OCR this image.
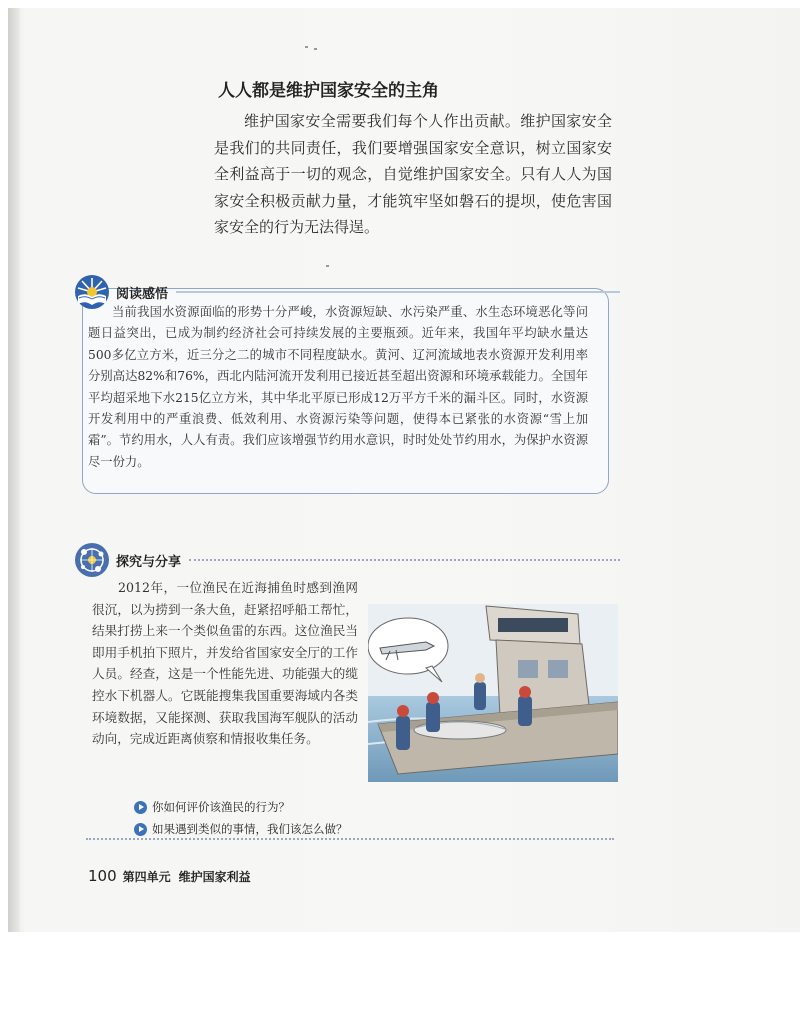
人人都是维护国家安全的主角

维护国家安全需要我们每个人作出贡献。维护国家安全是我们的共同责任，我们要增强国家安全意识，树立国家安全利益高于一切的观念，自觉维护国家安全。只有人人为国家安全积极贡献力量，才能筑牢坚如磐石的提坝，使危害国家安全的行为无法得逞。

阅读感悟

当前我国水资源面临的形势十分严峻，水资源短缺、水污染严重、水生态环境恶化等问题日益突出，已成为制约经济社会可持续发展的主要瓶颈。近年来，我国年平均缺水量达500多亿立方米，近三分之二的城市不同程度缺水。黄河、辽河流域地表水资源开发利用率分别高达82%和76%，西北内陆河流开发利用已接近甚至超出资源和环境承载能力。全国年平均超采地下水215亿立方米，其中华北平原已形成12万平方千米的漏斗区。同时，水资源开发利用中的严重浪费、低效利用、水资源污染等问题，使得本已紧张的水资源“雪上加霜”。节约用水，人人有责。我们应该增强节约用水意识，时时处处节约用水，为保护水资源尽一份力。

探究与分享

2012年，一位渔民在近海捕鱼时感到渔网很沉，以为捞到一条大鱼，赶紧招呼船工帮忙，结果打捞上来一个类似鱼雷的东西。这位渔民当即用手机拍下照片，并发给省国家安全厅的工作人员。经查，这是一个性能先进、功能强大的缆控水下机器人。它既能搜集我国重要海域内各类环境数据，又能探测、获取我国海军舰队的活动动向，完成近距离侦察和情报收集任务。

你如何评价该渔民的行为？
如果遇到类似的事情，我们该怎么做？
100 第四单元 维护国家利益
